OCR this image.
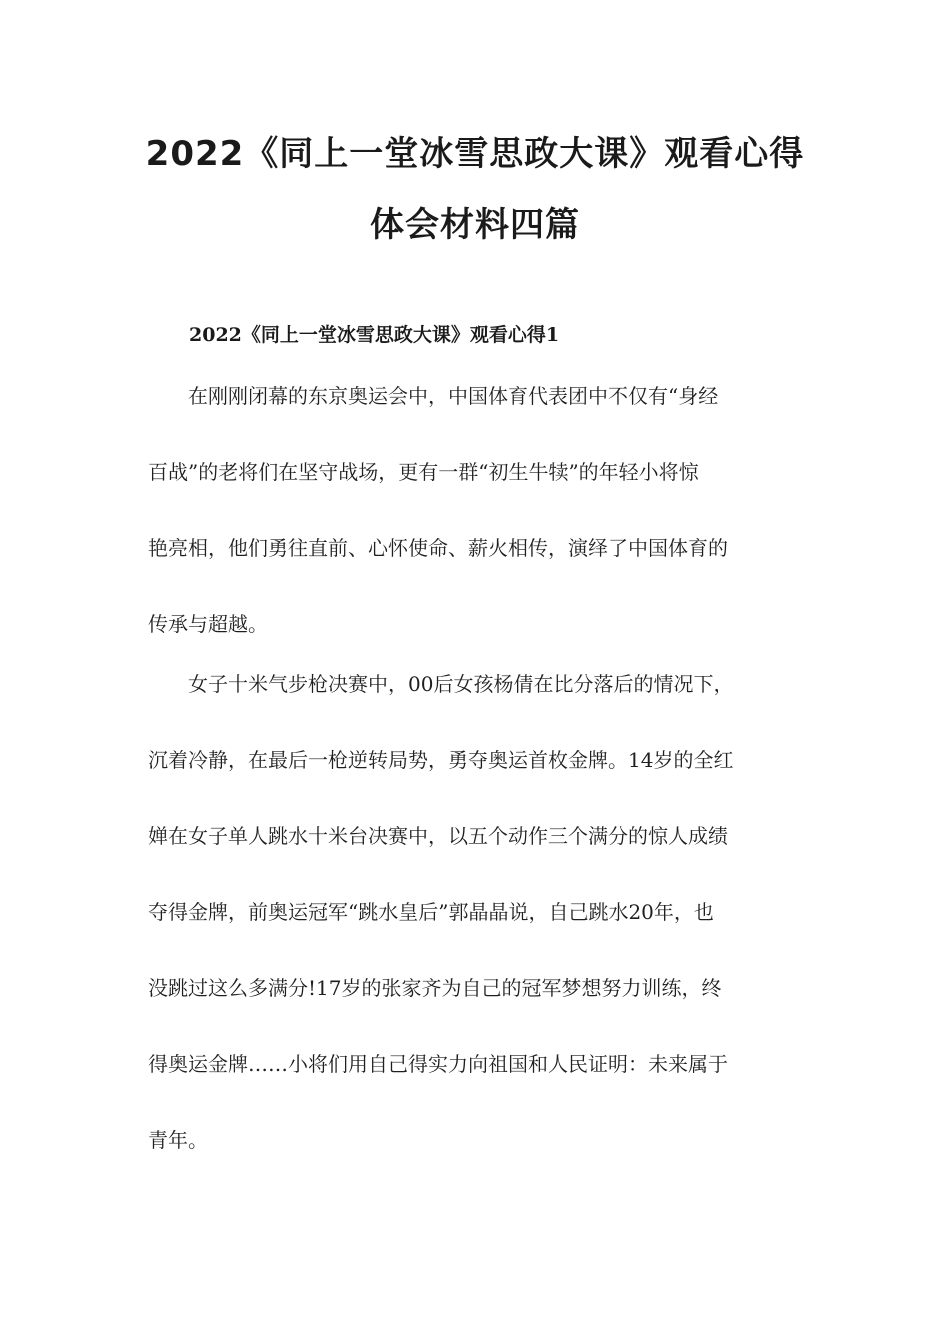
2022《同上一堂冰雪思政大课》观看心得
体会材料四篇
2022《同上一堂冰雪思政大课》观看心得1

　　在刚刚闭幕的东京奥运会中，中国体育代表团中不仅有“身经
百战”的老将们在坚守战场，更有一群“初生牛犊”的年轻小将惊
艳亮相，他们勇往直前、心怀使命、薪火相传，演绎了中国体育的
传承与超越。

　　女子十米气步枪决赛中，00后女孩杨倩在比分落后的情况下，
沉着冷静，在最后一枪逆转局势，勇夺奥运首枚金牌。14岁的全红
婵在女子单人跳水十米台决赛中，以五个动作三个满分的惊人成绩
夺得金牌，前奥运冠军“跳水皇后”郭晶晶说，自己跳水20年，也
没跳过这么多满分!17岁的张家齐为自己的冠军梦想努力训练，终
得奥运金牌……小将们用自己得实力向祖国和人民证明：未来属于
青年。
